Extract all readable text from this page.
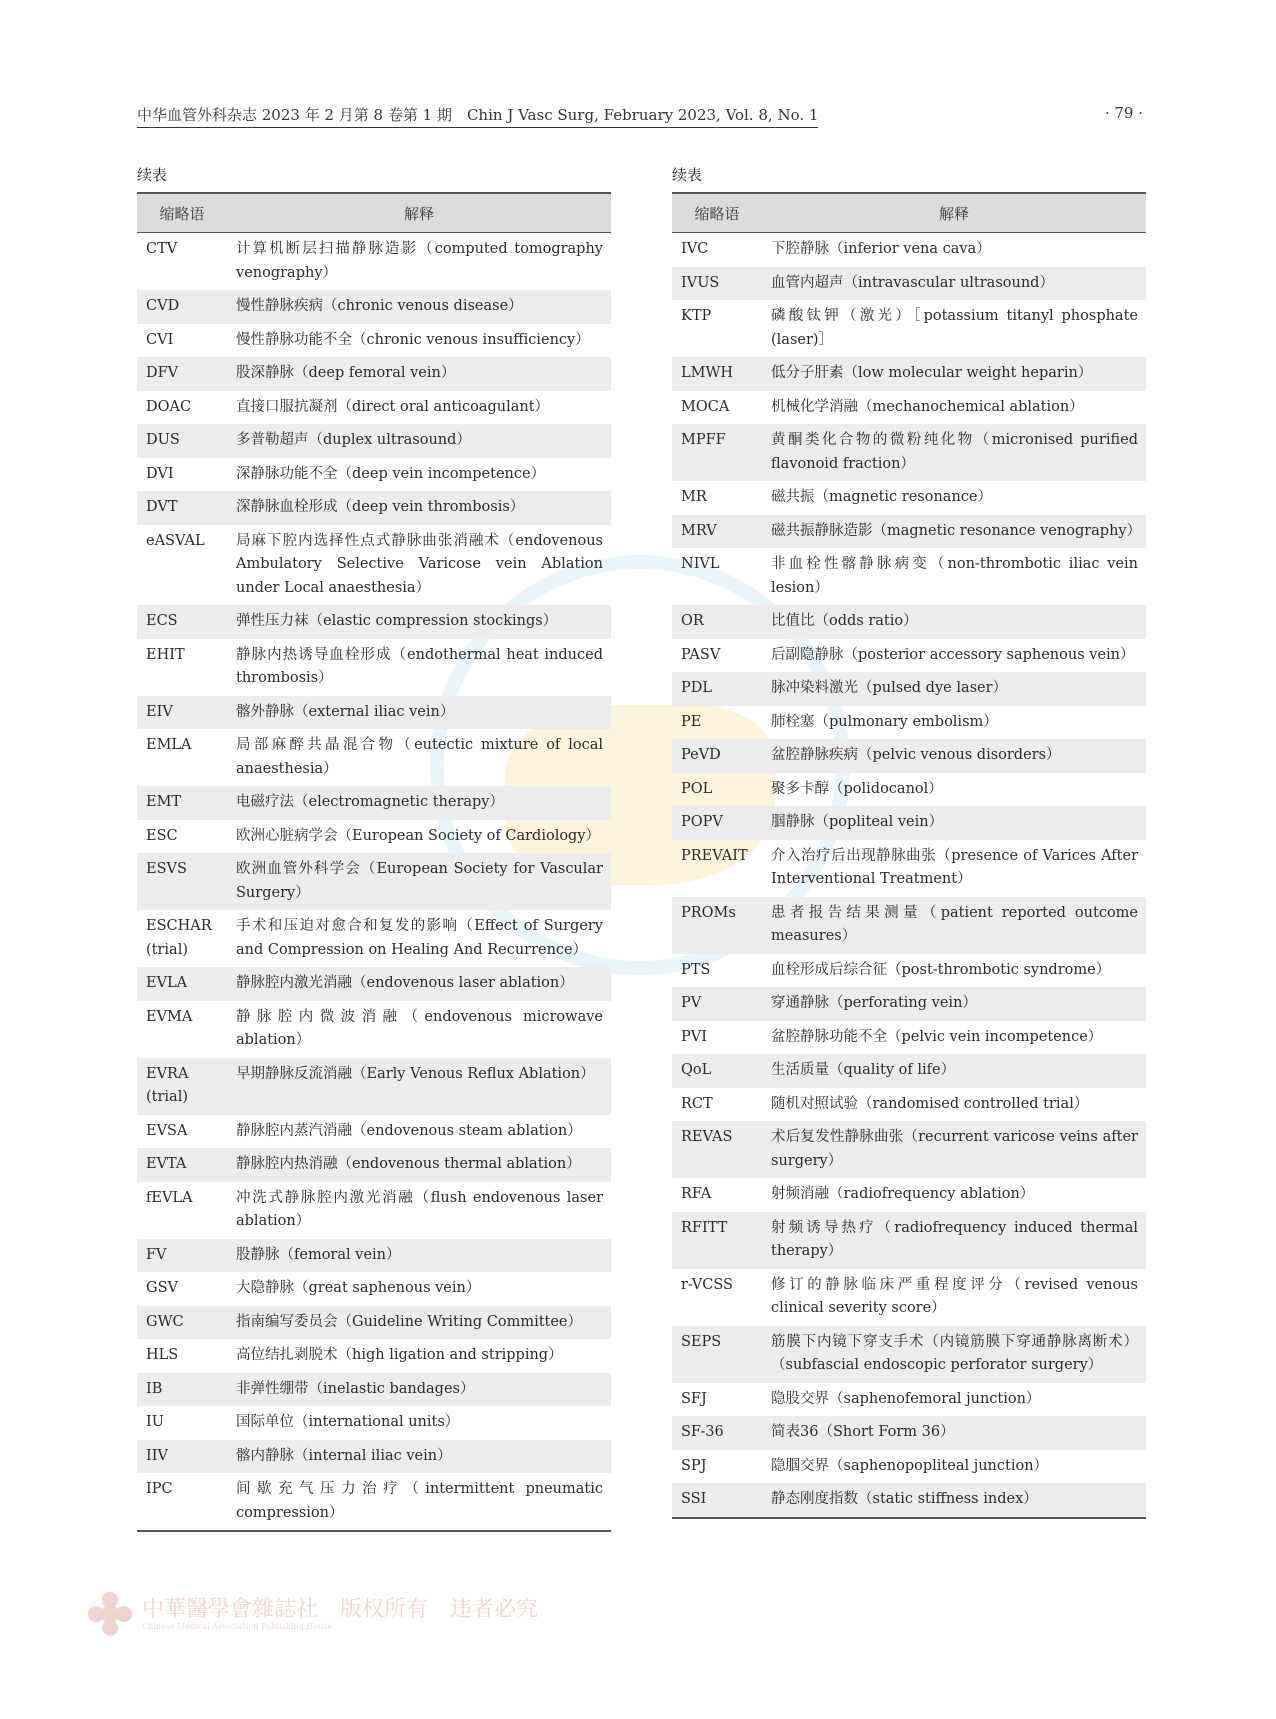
中华血管外科杂志 2023 年 2 月第 8 卷第 1 期　Chin J Vasc Surg, February 2023, Vol. 8, No. 1	· 79 ·
续表
缩略语	解释
CTV	计算机断层扫描静脉造影（computed tomography venography）
CVD	慢性静脉疾病（chronic venous disease）
CVI	慢性静脉功能不全（chronic venous insufficiency）
DFV	股深静脉（deep femoral vein）
DOAC	直接口服抗凝剂（direct oral anticoagulant）
DUS	多普勒超声（duplex ultrasound）
DVI	深静脉功能不全（deep vein incompetence）
DVT	深静脉血栓形成（deep vein thrombosis）
eASVAL	局麻下腔内选择性点式静脉曲张消融术（endovenous Ambulatory Selective Varicose vein Ablation under Local anaesthesia）
ECS	弹性压力袜（elastic compression stockings）
EHIT	静脉内热诱导血栓形成（endothermal heat induced thrombosis）
EIV	髂外静脉（external iliac vein）
EMLA	局部麻醉共晶混合物（eutectic mixture of local anaesthesia）
EMT	电磁疗法（electromagnetic therapy）
ESC	欧洲心脏病学会（European Society of Cardiology）
ESVS	欧洲血管外科学会（European Society for Vascular Surgery）
ESCHAR (trial)	手术和压迫对愈合和复发的影响（Effect of Surgery and Compression on Healing And Recurrence）
EVLA	静脉腔内激光消融（endovenous laser ablation）
EVMA	静脉腔内微波消融（endovenous microwave ablation）
EVRA (trial)	早期静脉反流消融（Early Venous Reflux Ablation）
EVSA	静脉腔内蒸汽消融（endovenous steam ablation）
EVTA	静脉腔内热消融（endovenous thermal ablation）
fEVLA	冲洗式静脉腔内激光消融（flush endovenous laser ablation）
FV	股静脉（femoral vein）
GSV	大隐静脉（great saphenous vein）
GWC	指南编写委员会（Guideline Writing Committee）
HLS	高位结扎剥脱术（high ligation and stripping）
IB	非弹性绷带（inelastic bandages）
IU	国际单位（international units）
IIV	髂内静脉（internal iliac vein）
IPC	间歇充气压力治疗（intermittent pneumatic compression）
续表
缩略语	解释
IVC	下腔静脉（inferior vena cava）
IVUS	血管内超声（intravascular ultrasound）
KTP	磷酸钛钾（激光）［potassium titanyl phosphate (laser)］
LMWH	低分子肝素（low molecular weight heparin）
MOCA	机械化学消融（mechanochemical ablation）
MPFF	黄酮类化合物的微粉纯化物（micronised purified flavonoid fraction）
MR	磁共振（magnetic resonance）
MRV	磁共振静脉造影（magnetic resonance venography）
NIVL	非血栓性髂静脉病变（non-thrombotic iliac vein lesion）
OR	比值比（odds ratio）
PASV	后副隐静脉（posterior accessory saphenous vein）
PDL	脉冲染料激光（pulsed dye laser）
PE	肺栓塞（pulmonary embolism）
PeVD	盆腔静脉疾病（pelvic venous disorders）
POL	聚多卡醇（polidocanol）
POPV	腘静脉（popliteal vein）
PREVAIT	介入治疗后出现静脉曲张（presence of Varices After Interventional Treatment）
PROMs	患者报告结果测量（patient reported outcome measures）
PTS	血栓形成后综合征（post-thrombotic syndrome）
PV	穿通静脉（perforating vein）
PVI	盆腔静脉功能不全（pelvic vein incompetence）
QoL	生活质量（quality of life）
RCT	随机对照试验（randomised controlled trial）
REVAS	术后复发性静脉曲张（recurrent varicose veins after surgery）
RFA	射频消融（radiofrequency ablation）
RFITT	射频诱导热疗（radiofrequency induced thermal therapy）
r-VCSS	修订的静脉临床严重程度评分（revised venous clinical severity score）
SEPS	筋膜下内镜下穿支手术（内镜筋膜下穿通静脉离断术）（subfascial endoscopic perforator surgery）
SFJ	隐股交界（saphenofemoral junction）
SF-36	简表36（Short Form 36）
SPJ	隐腘交界（saphenopopliteal junction）
SSI	静态刚度指数（static stiffness index）
中華醫學會雜誌社　版权所有　违者必究
Chinese Medical Association Publishing House
